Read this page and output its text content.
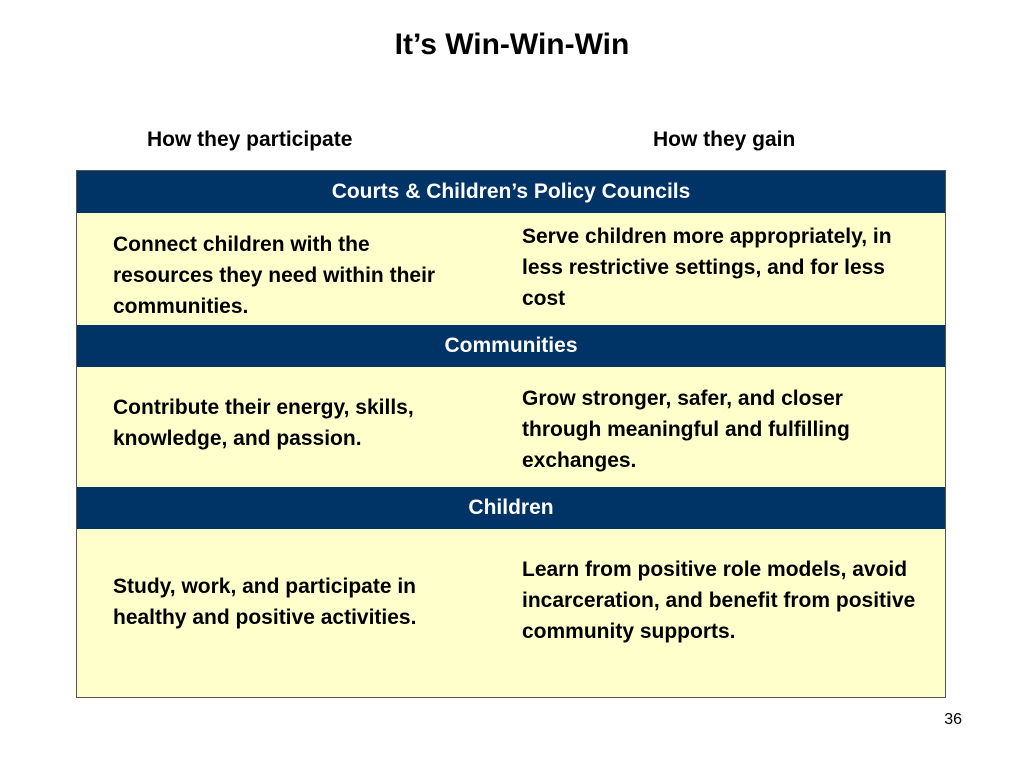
It’s Win-Win-Win
How they participate	How they gain
Courts & Children’s Policy Councils
Connect children with the resources they need within their communities.
Serve children more appropriately, in less restrictive settings, and for less cost
Communities
Contribute their energy, skills, knowledge, and passion.
Grow stronger, safer, and closer through meaningful and fulfilling exchanges.
Children
Study, work, and participate in healthy and positive activities.
Learn from positive role models, avoid incarceration, and benefit from positive community supports.
36
